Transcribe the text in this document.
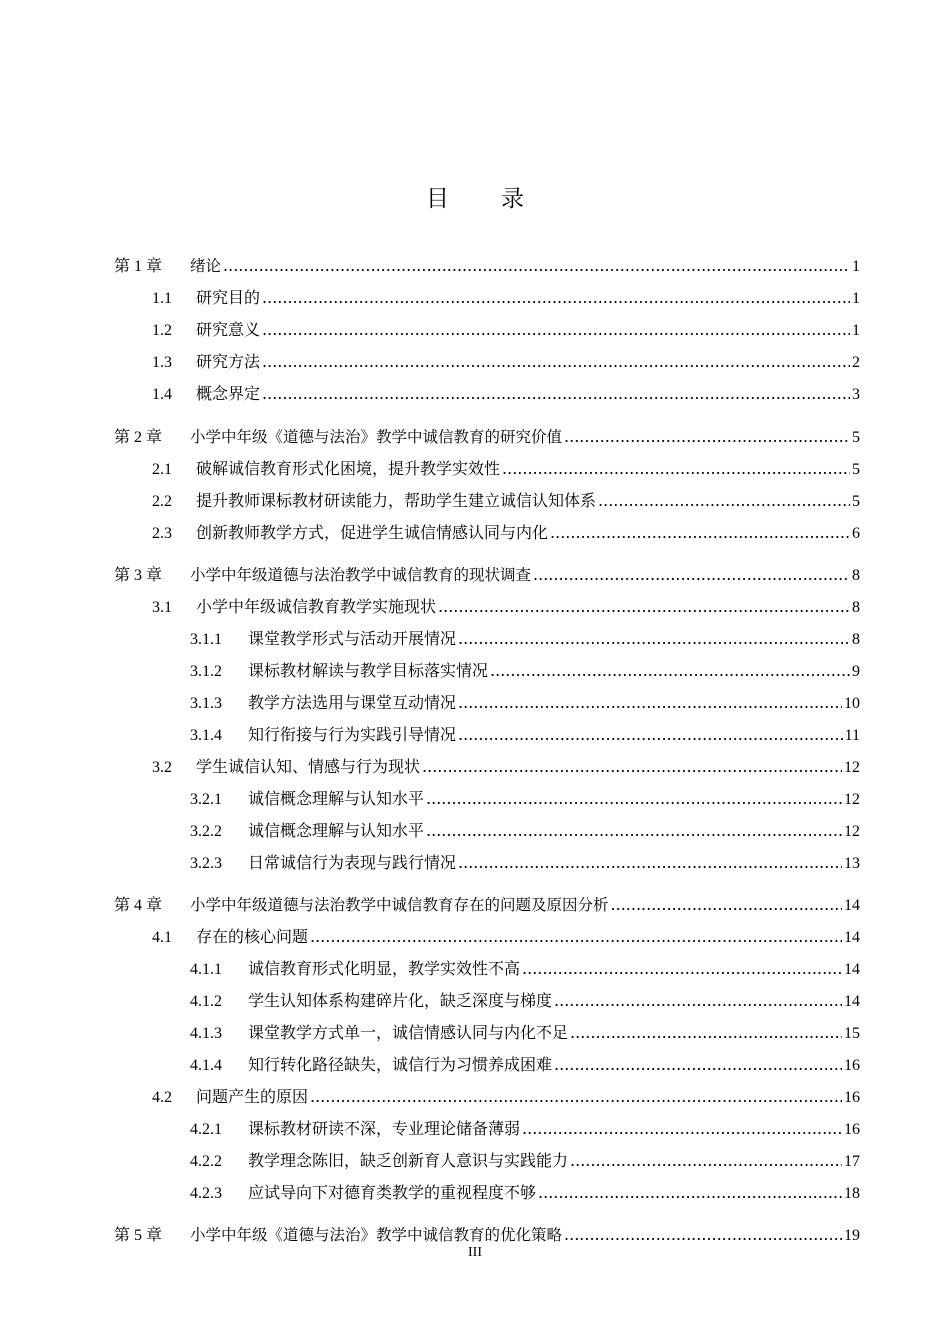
目 录
第 1 章	绪论 .....	1
1.1	研究目的 .....	1
1.2	研究意义 .....	1
1.3	研究方法 .....	2
1.4	概念界定 .....	3
第 2 章	小学中年级《道德与法治》教学中诚信教育的研究价值 .....	5
2.1	破解诚信教育形式化困境，提升教学实效性 .....	5
2.2	提升教师课标教材研读能力，帮助学生建立诚信认知体系 .....	5
2.3	创新教师教学方式，促进学生诚信情感认同与内化 .....	6
第 3 章	小学中年级道德与法治教学中诚信教育的现状调查 .....	8
3.1	小学中年级诚信教育教学实施现状 .....	8
3.1.1	课堂教学形式与活动开展情况 .....	8
3.1.2	课标教材解读与教学目标落实情况 .....	9
3.1.3	教学方法选用与课堂互动情况 .....	10
3.1.4	知行衔接与行为实践引导情况 .....	11
3.2	学生诚信认知、情感与行为现状 .....	12
3.2.1	诚信概念理解与认知水平 .....	12
3.2.2	诚信概念理解与认知水平 .....	12
3.2.3	日常诚信行为表现与践行情况 .....	13
第 4 章	小学中年级道德与法治教学中诚信教育存在的问题及原因分析 .....	14
4.1	存在的核心问题 .....	14
4.1.1	诚信教育形式化明显，教学实效性不高 .....	14
4.1.2	学生认知体系构建碎片化，缺乏深度与梯度 .....	14
4.1.3	课堂教学方式单一，诚信情感认同与内化不足 .....	15
4.1.4	知行转化路径缺失，诚信行为习惯养成困难 .....	16
4.2	问题产生的原因 .....	16
4.2.1	课标教材研读不深，专业理论储备薄弱 .....	16
4.2.2	教学理念陈旧，缺乏创新育人意识与实践能力 .....	17
4.2.3	应试导向下对德育类教学的重视程度不够 .....	18
第 5 章	小学中年级《道德与法治》教学中诚信教育的优化策略 .....	19
III
